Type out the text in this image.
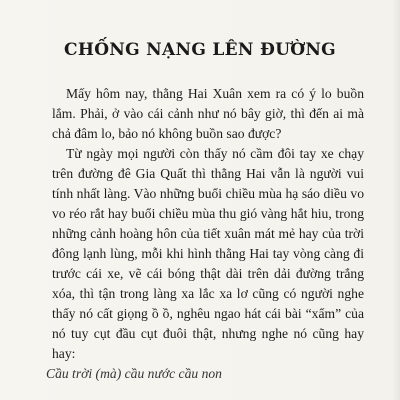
CHỐNG NẠNG LÊN ĐƯỜNG

Mấy hôm nay, thằng Hai Xuân xem ra có ý lo buồn lắm. Phải, ở vào cái cảnh như nó bây giờ, thì đến ai mà chả đâm lo, bảo nó không buồn sao được?

Từ ngày mọi người còn thấy nó cầm đôi tay xe chạy trên đường đê Gia Quất thì thằng Hai vẫn là người vui tính nhất làng. Vào những buổi chiều mùa hạ sáo diều vo vo réo rắt hay buổi chiều mùa thu gió vàng hắt hiu, trong những cảnh hoàng hôn của tiết xuân mát mẻ hay của trời đông lạnh lùng, mỗi khi hình thằng Hai tay vòng càng đi trước cái xe, vẽ cái bóng thật dài trên dải đường trắng xóa, thì tận trong làng xa lắc xa lơ cũng có người nghe thấy nó cất giọng ồ ồ, nghêu ngao hát cái bài “xẩm” của nó tuy cụt đầu cụt đuôi thật, nhưng nghe nó cũng hay hay:

Cầu trời (mà) cầu nước cầu non
